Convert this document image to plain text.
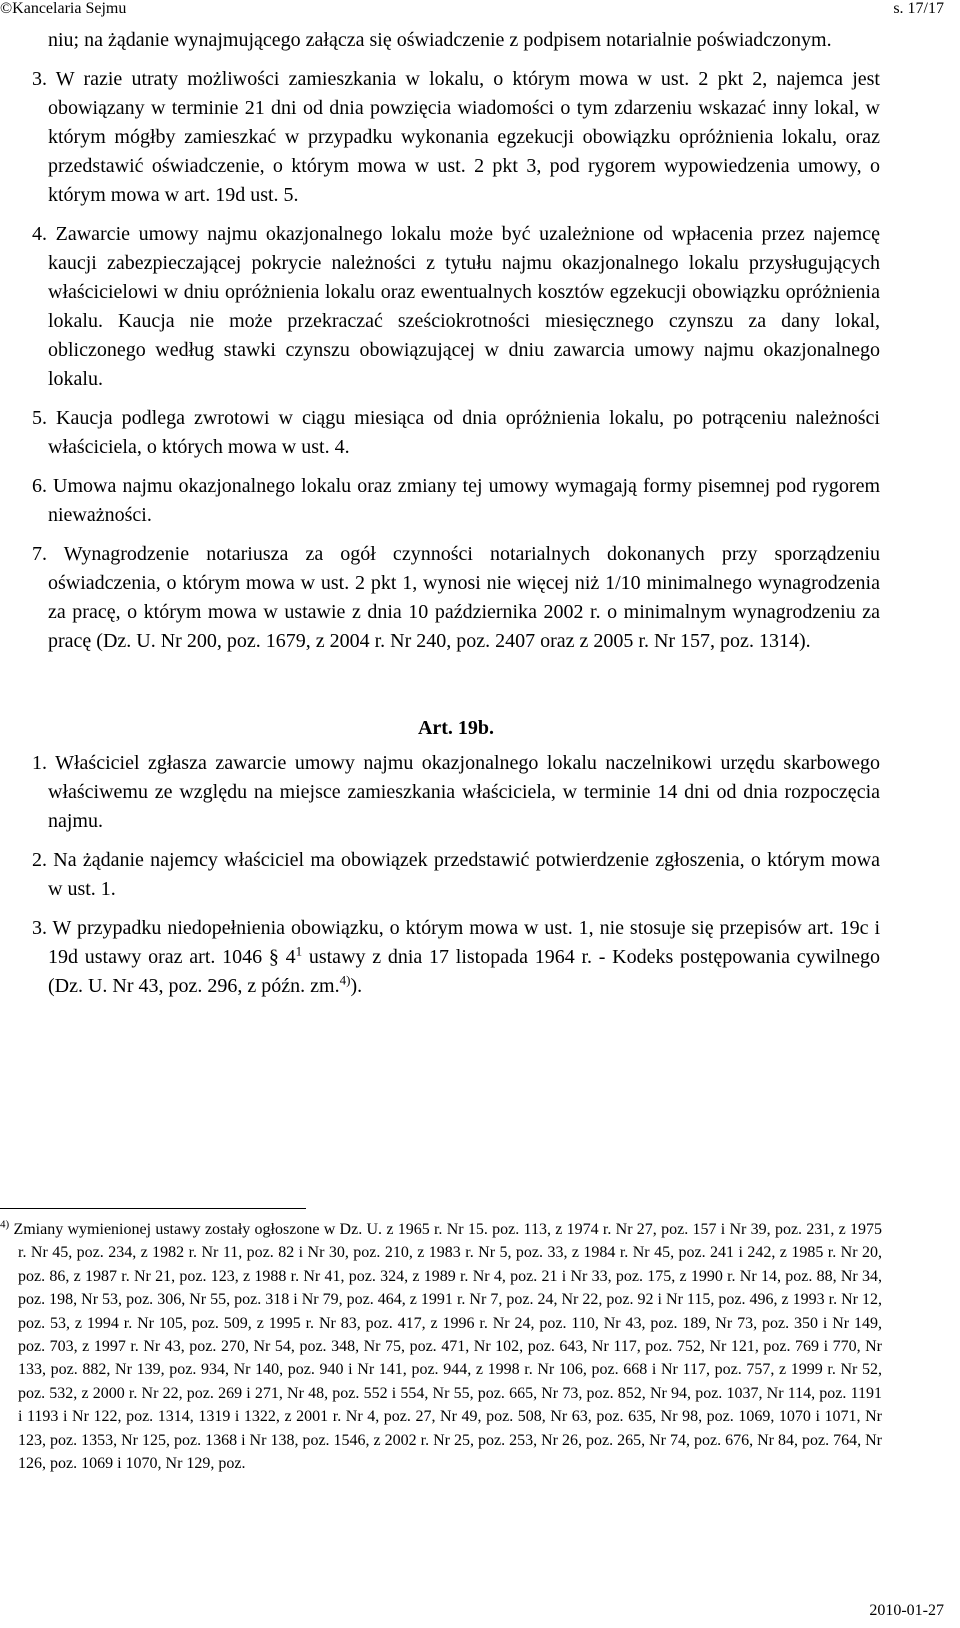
©Kancelaria Sejmu	s. 17/17

niu; na żądanie wynajmującego załącza się oświadczenie z podpisem notarialnie poświadczonym.

3. W razie utraty możliwości zamieszkania w lokalu, o którym mowa w ust. 2 pkt 2, najemca jest obowiązany w terminie 21 dni od dnia powzięcia wiadomości o tym zdarzeniu wskazać inny lokal, w którym mógłby zamieszkać w przypadku wykonania egzekucji obowiązku opróżnienia lokalu, oraz przedstawić oświadczenie, o którym mowa w ust. 2 pkt 3, pod rygorem wypowiedzenia umowy, o którym mowa w art. 19d ust. 5.

4. Zawarcie umowy najmu okazjonalnego lokalu może być uzależnione od wpłacenia przez najemcę kaucji zabezpieczającej pokrycie należności z tytułu najmu okazjonalnego lokalu przysługujących właścicielowi w dniu opróżnienia lokalu oraz ewentualnych kosztów egzekucji obowiązku opróżnienia lokalu. Kaucja nie może przekraczać sześciokrotności miesięcznego czynszu za dany lokal, obliczonego według stawki czynszu obowiązującej w dniu zawarcia umowy najmu okazjonalnego lokalu.

5. Kaucja podlega zwrotowi w ciągu miesiąca od dnia opróżnienia lokalu, po potrąceniu należności właściciela, o których mowa w ust. 4.

6. Umowa najmu okazjonalnego lokalu oraz zmiany tej umowy wymagają formy pisemnej pod rygorem nieważności.

7. Wynagrodzenie notariusza za ogół czynności notarialnych dokonanych przy sporządzeniu oświadczenia, o którym mowa w ust. 2 pkt 1, wynosi nie więcej niż 1/10 minimalnego wynagrodzenia za pracę, o którym mowa w ustawie z dnia 10 października 2002 r. o minimalnym wynagrodzeniu za pracę (Dz. U. Nr 200, poz. 1679, z 2004 r. Nr 240, poz. 2407 oraz z 2005 r. Nr 157, poz. 1314).

Art. 19b.

1. Właściciel zgłasza zawarcie umowy najmu okazjonalnego lokalu naczelnikowi urzędu skarbowego właściwemu ze względu na miejsce zamieszkania właściciela, w terminie 14 dni od dnia rozpoczęcia najmu.

2. Na żądanie najemcy właściciel ma obowiązek przedstawić potwierdzenie zgłoszenia, o którym mowa w ust. 1.

3. W przypadku niedopełnienia obowiązku, o którym mowa w ust. 1, nie stosuje się przepisów art. 19c i 19d ustawy oraz art. 1046 § $4^1$ ustawy z dnia 17 listopada 1964 r. - Kodeks postępowania cywilnego (Dz. U. Nr 43, poz. 296, z późn. zm.$^{4)}$).

$^{4)}$ Zmiany wymienionej ustawy zostały ogłoszone w Dz. U. z 1965 r. Nr 15. poz. 113, z 1974 r. Nr 27, poz. 157 i Nr 39, poz. 231, z 1975 r. Nr 45, poz. 234, z 1982 r. Nr 11, poz. 82 i Nr 30, poz. 210, z 1983 r. Nr 5, poz. 33, z 1984 r. Nr 45, poz. 241 i 242, z 1985 r. Nr 20, poz. 86, z 1987 r. Nr 21, poz. 123, z 1988 r. Nr 41, poz. 324, z 1989 r. Nr 4, poz. 21 i Nr 33, poz. 175, z 1990 r. Nr 14, poz. 88, Nr 34, poz. 198, Nr 53, poz. 306, Nr 55, poz. 318 i Nr 79, poz. 464, z 1991 r. Nr 7, poz. 24, Nr 22, poz. 92 i Nr 115, poz. 496, z 1993 r. Nr 12, poz. 53, z 1994 r. Nr 105, poz. 509, z 1995 r. Nr 83, poz. 417, z 1996 r. Nr 24, poz. 110, Nr 43, poz. 189, Nr 73, poz. 350 i Nr 149, poz. 703, z 1997 r. Nr 43, poz. 270, Nr 54, poz. 348, Nr 75, poz. 471, Nr 102, poz. 643, Nr 117, poz. 752, Nr 121, poz. 769 i 770, Nr 133, poz. 882, Nr 139, poz. 934, Nr 140, poz. 940 i Nr 141, poz. 944, z 1998 r. Nr 106, poz. 668 i Nr 117, poz. 757, z 1999 r. Nr 52, poz. 532, z 2000 r. Nr 22, poz. 269 i 271, Nr 48, poz. 552 i 554, Nr 55, poz. 665, Nr 73, poz. 852, Nr 94, poz. 1037, Nr 114, poz. 1191 i 1193 i Nr 122, poz. 1314, 1319 i 1322, z 2001 r. Nr 4, poz. 27, Nr 49, poz. 508, Nr 63, poz. 635, Nr 98, poz. 1069, 1070 i 1071, Nr 123, poz. 1353, Nr 125, poz. 1368 i Nr 138, poz. 1546, z 2002 r. Nr 25, poz. 253, Nr 26, poz. 265, Nr 74, poz. 676, Nr 84, poz. 764, Nr 126, poz. 1069 i 1070, Nr 129, poz.
2010-01-27
